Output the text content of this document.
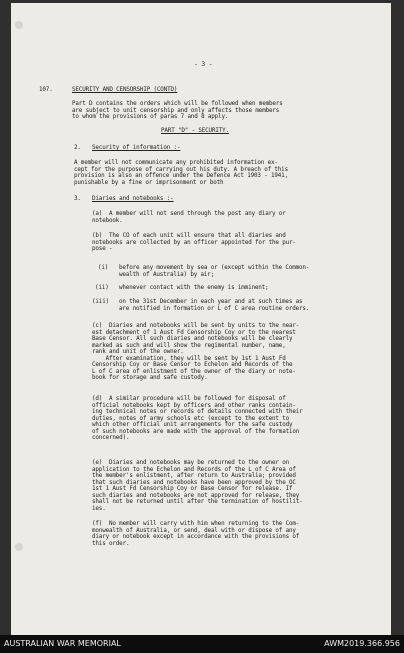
- 3 -

107.	SECURITY AND CENSORSHIP (CONTD)

Part D contains the orders which will be followed when members
are subject to unit censorship and only affects those members
to whom the provisions of paras 7 and 8 apply.

PART "D" - SECURITY.

2. Security of information :-

A member will not communicate any prohibited information ex-
cept for the purpose of carrying out his duty. A breach of this
provision is also an offence under the Defence Act 1903 - 1941,
punishable by a fine or imprisonment or both

3. Diaries and notebooks :-

(a)  A member will not send through the post any diary or
notebook.

(b)  The CO of each unit will ensure that all diaries and
notebooks are collected by an officer appointed for the pur-
pose -

(i) before any movement by sea or (except within the Common-
wealth of Australia) by air;

(ii) whenever contact with the enemy is imminent;

(iii) on the 31st December in each year and at such times as
are notified in formation or L of C area routine orders.

(c)  Diaries and notebooks will be sent by units to the near-
est detachment of 1 Aust Fd Censorship Coy or to the nearest
Base Censor. All such diaries and notebooks will be clearly
marked as such and will show the regimental number, name,
rank and unit of the owner.
After examination, they will be sent by 1st 1 Aust Fd
Censorship Coy or Base Censor to Echelon and Records of the
L of C area of enlistment of the owner of the diary or note-
book for storage and safe custody.

(d)  A similar procedure will be followed for disposal of
official notebooks kept by officers and other ranks contain-
ing technical notes or records of details connected with their
duties, notes of army schools etc (except to the extent to
which other official unit arrangements for the safe custody
of such notebooks are made with the approval of the formation
concerned).

(e)  Diaries and notebooks may be returned to the owner on
application to the Echelon and Records of the L of C Area of
the member's enlistment, after return to Australia; provided
that such diaries and notebooks have been approved by the OC
1st 1 Aust Fd Censorship Coy or Base Censor for release. If
such diaries and notebooks are not approved for release, they
shall not be returned until after the termination of hostilit-
ies.

(f)  No member will carry with him when returning to the Com-
monwealth of Australia, or send, deal with or dispose of any
diary or notebook except in accordance with the provisions of
this order.

AUSTRALIAN WAR MEMORIAL	AWM2019.366.956
